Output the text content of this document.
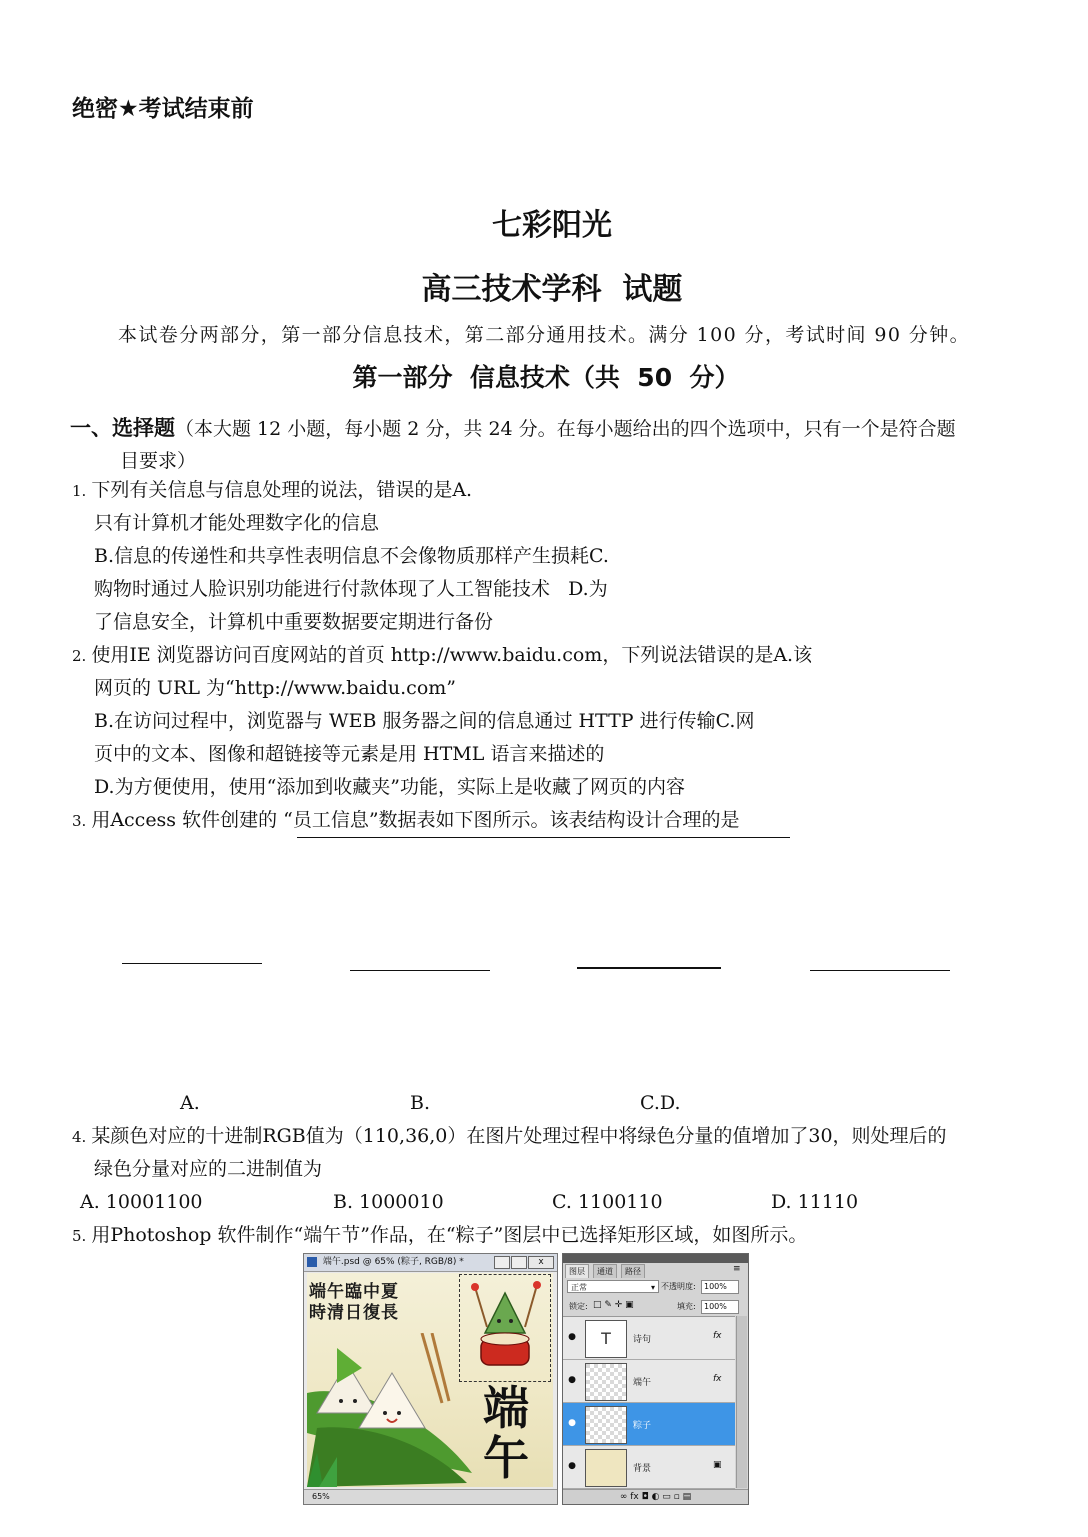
绝密★考试结束前
七彩阳光
高三技术学科  试题
本试卷分两部分，第一部分信息技术，第二部分通用技术。满分 100 分，考试时间 90 分钟。
第一部分  信息技术（共  50  分）
一、选择题（本大题 12 小题，每小题 2 分，共 24 分。在每小题给出的四个选项中，只有一个是符合题
目要求）
1. 下列有关信息与信息处理的说法，错误的是A.
只有计算机才能处理数字化的信息
B.信息的传递性和共享性表明信息不会像物质那样产生损耗C.
购物时通过人脸识别功能进行付款体现了人工智能技术   D.为
了信息安全，计算机中重要数据要定期进行备份
2. 使用IE 浏览器访问百度网站的首页 http://www.baidu.com，下列说法错误的是A.该
网页的 URL 为“http://www.baidu.com”
B.在访问过程中，浏览器与 WEB 服务器之间的信息通过 HTTP 进行传输C.网
页中的文本、图像和超链接等元素是用 HTML 语言来描述的
D.为方便使用，使用“添加到收藏夹”功能，实际上是收藏了网页的内容
3. 用Access 软件创建的 “员工信息”数据表如下图所示。该表结构设计合理的是
A.	B.	C.D.
4. 某颜色对应的十进制RGB值为（110,36,0）在图片处理过程中将绿色分量的值增加了30，则处理后的
绿色分量对应的二进制值为
A. 10001100	B. 1000010	C. 1100110	D. 11110
5. 用Photoshop 软件制作“端午节”作品，在“粽子”图层中已选择矩形区域，如图所示。
端午.psd @ 65% (粽子, RGB/8) *	x
端午臨中夏
時清日復長
端午
65%
图层	通道	路径	≡
正常	▾ 不透明度:	100%
锁定: □ ✎ ✛ ▣	填充:	100%
●	T	诗句	fx
●	端午	fx
●	粽子
●	背景	▣
∞ fx ◘ ◐ ▭ ▫ ▤
